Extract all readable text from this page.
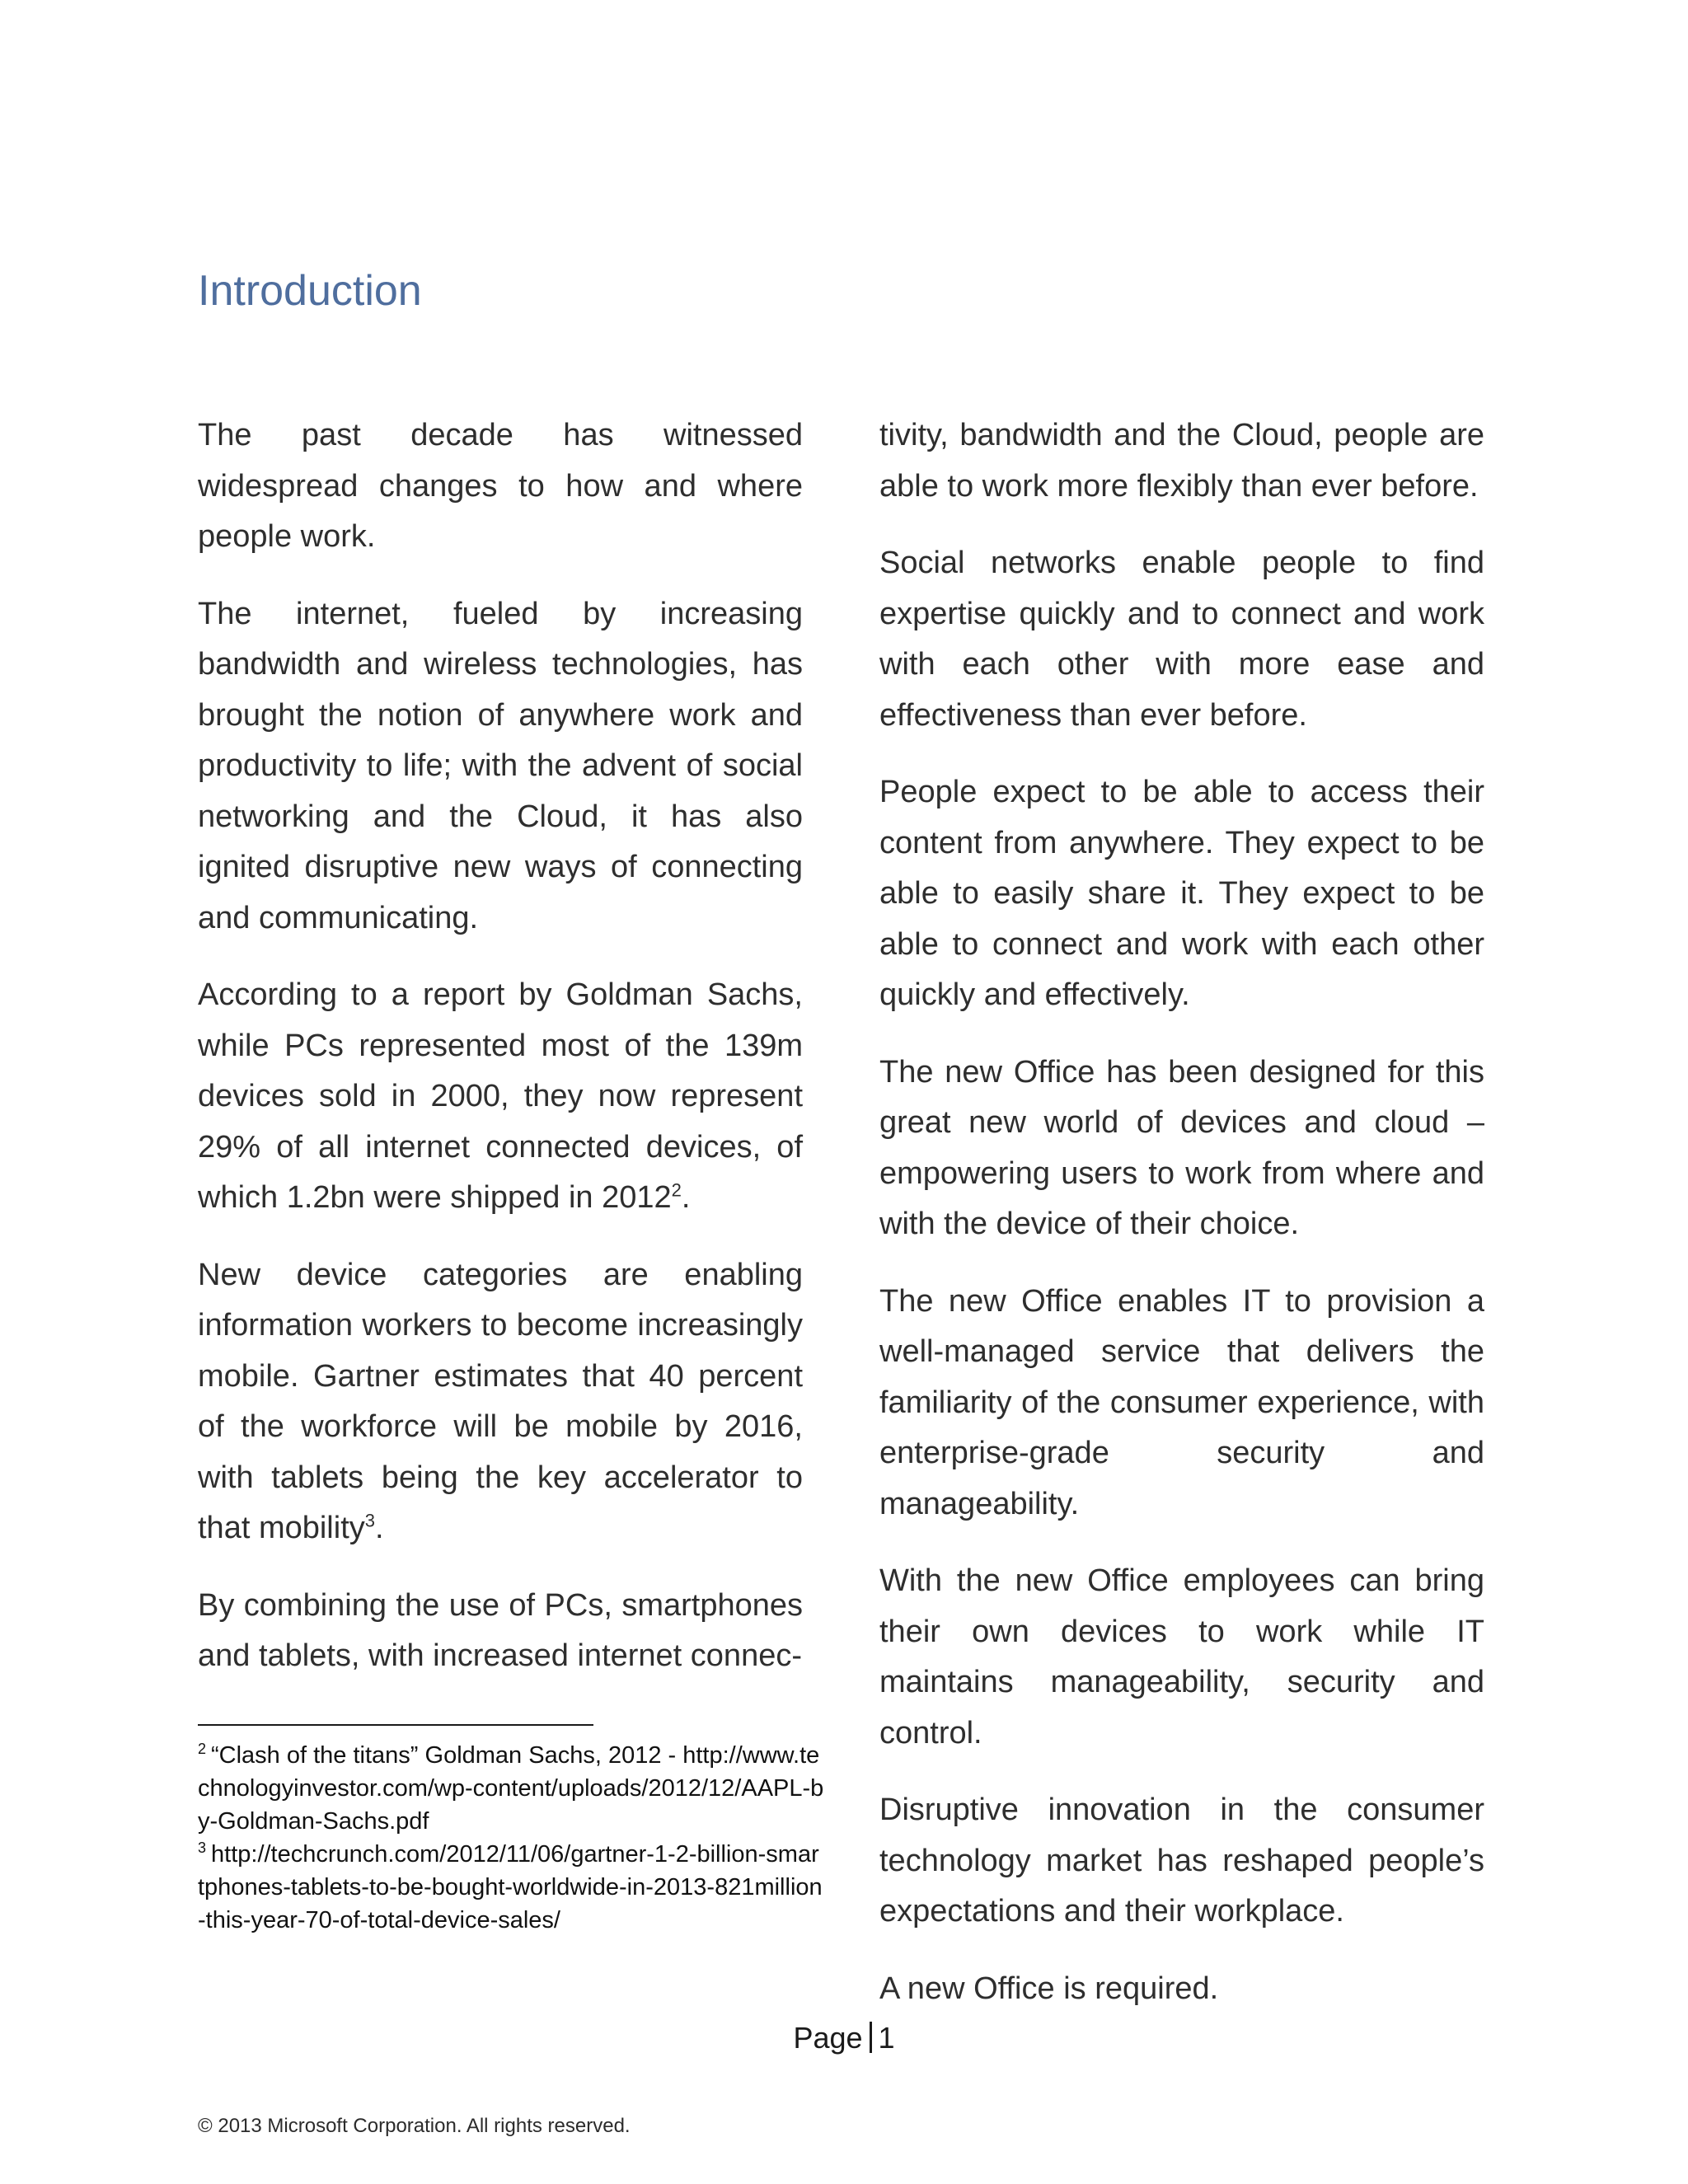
Introduction

The past decade has witnessed widespread changes to how and where people work.

The internet, fueled by increasing bandwidth and wireless technologies, has brought the notion of anywhere work and productivity to life; with the advent of social networking and the Cloud, it has also ignited disruptive new ways of connecting and communicating.

According to a report by Goldman Sachs, while PCs represented most of the 139m devices sold in 2000, they now represent 29% of all internet connected devices, of which 1.2bn were shipped in 2012$^2$.

New device categories are enabling information workers to become increasingly mobile. Gartner estimates that 40 percent of the workforce will be mobile by 2016, with tablets being the key accelerator to that mobility$^3$.

By combining the use of PCs, smartphones and tablets, with increased internet connec-

tivity, bandwidth and the Cloud, people are able to work more flexibly than ever before.

Social networks enable people to find expertise quickly and to connect and work with each other with more ease and effectiveness than ever before.

People expect to be able to access their content from anywhere. They expect to be able to easily share it. They expect to be able to connect and work with each other quickly and effectively.

The new Office has been designed for this great new world of devices and cloud – empowering users to work from where and with the device of their choice.

The new Office enables IT to provision a well-managed service that delivers the familiarity of the consumer experience, with enterprise-grade security and manageability.

With the new Office employees can bring their own devices to work while IT maintains manageability, security and control.

Disruptive innovation in the consumer technology market has reshaped people’s expectations and their workplace.

A new Office is required.

$^2$ “Clash of the titans” Goldman Sachs, 2012 - http://www.technologyinvestor.com/wp-content/uploads/2012/12/AAPL-by-Goldman-Sachs.pdf

$^3$ http://techcrunch.com/2012/11/06/gartner-1-2-billion-smartphones-tablets-to-be-bought-worldwide-in-2013-821million-this-year-70-of-total-device-sales/

Page 1
© 2013 Microsoft Corporation. All rights reserved.
